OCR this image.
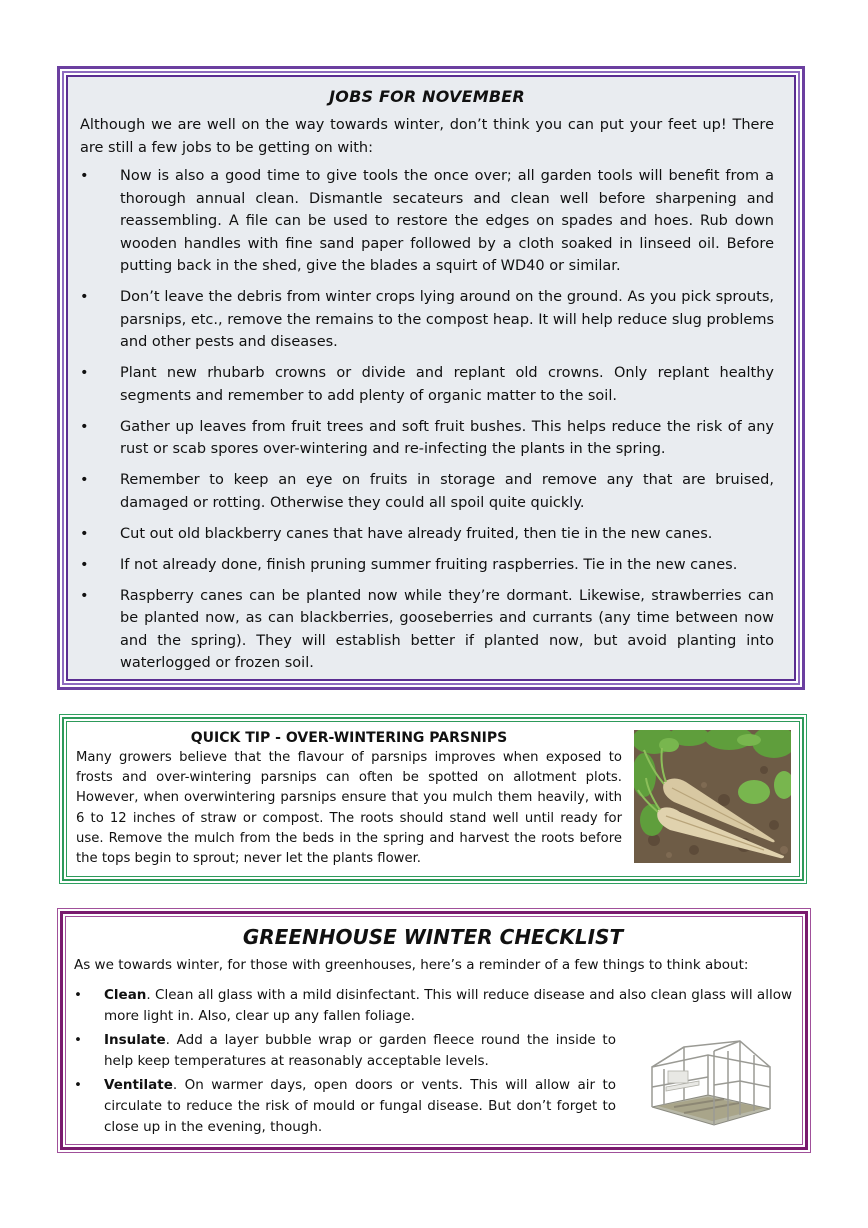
JOBS FOR NOVEMBER

Although we are well on the way towards winter, don’t think you can put your feet up! There are still a few jobs to be getting on with:

• Now is also a good time to give tools the once over; all garden tools will benefit from a thorough annual clean. Dismantle secateurs and clean well before sharpening and reassembling. A file can be used to restore the edges on spades and hoes. Rub down wooden handles with fine sand paper followed by a cloth soaked in linseed oil. Before putting back in the shed, give the blades a squirt of WD40 or similar.
• Don’t leave the debris from winter crops lying around on the ground. As you pick sprouts, parsnips, etc., remove the remains to the compost heap. It will help reduce slug problems and other pests and diseases.
• Plant new rhubarb crowns or divide and replant old crowns. Only replant healthy segments and remember to add plenty of organic matter to the soil.
• Gather up leaves from fruit trees and soft fruit bushes. This helps reduce the risk of any rust or scab spores over-wintering and re-infecting the plants in the spring.
• Remember to keep an eye on fruits in storage and remove any that are bruised, damaged or rotting. Otherwise they could all spoil quite quickly.
• Cut out old blackberry canes that have already fruited, then tie in the new canes.
• If not already done, finish pruning summer fruiting raspberries. Tie in the new canes.
• Raspberry canes can be planted now while they’re dormant. Likewise, strawberries can be planted now, as can blackberries, gooseberries and currants (any time between now and the spring). They will establish better if planted now, but avoid planting into waterlogged or frozen soil.
QUICK TIP - OVER-WINTERING PARSNIPS

Many growers believe that the flavour of parsnips improves when exposed to frosts and over-wintering parsnips can often be spotted on allotment plots. However, when overwintering parsnips ensure that you mulch them heavily, with 6 to 12 inches of straw or compost. The roots should stand well until ready for use. Remove the mulch from the beds in the spring and harvest the roots before the tops begin to sprout; never let the plants flower.

GREENHOUSE WINTER CHECKLIST

As we towards winter, for those with greenhouses, here’s a reminder of a few things to think about:

• Clean. Clean all glass with a mild disinfectant. This will reduce disease and also clean glass will allow more light in. Also, clear up any fallen foliage.
• Insulate. Add a layer bubble wrap or garden fleece round the inside to help keep temperatures at reasonably acceptable levels.
• Ventilate. On warmer days, open doors or vents. This will allow air to circulate to reduce the risk of mould or fungal disease. But don’t forget to close up in the evening, though.
